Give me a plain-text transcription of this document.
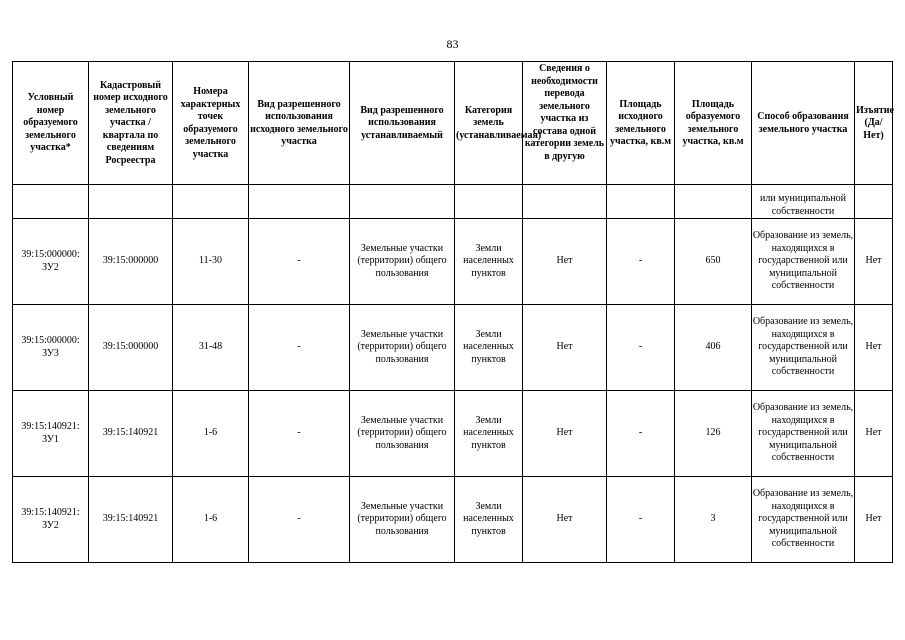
83
Условный номер образуемого земельного участка*	Кадастровый номер исходного земельного участка / квартала по сведениям Росреестра	Номера характерных точек образуемого земельного участка	Вид разрешенного использования исходного земельного участка	Вид разрешенного использования устанавливаемый	Категория земель (устанавливаемая)	Сведения о необходимости перевода земельного участка из состава одной категории земель в другую	Площадь исходного земельного участка, кв.м	Площадь образуемого земельного участка, кв.м	Способ образования земельного участка	Изъятие (Да/Нет)
									или муниципальной собственности	
39:15:000000: ЗУ2	39:15:000000	11-30	-	Земельные участки (территории) общего пользования	Земли населенных пунктов	Нет	-	650	Образование из земель, находящихся в государственной или муниципальной собственности	Нет
39:15:000000: ЗУ3	39:15:000000	31-48	-	Земельные участки (территории) общего пользования	Земли населенных пунктов	Нет	-	406	Образование из земель, находящихся в государственной или муниципальной собственности	Нет
39:15:140921: ЗУ1	39:15:140921	1-6	-	Земельные участки (территории) общего пользования	Земли населенных пунктов	Нет	-	126	Образование из земель, находящихся в государственной или муниципальной собственности	Нет
39:15:140921: ЗУ2	39:15:140921	1-6	-	Земельные участки (территории) общего пользования	Земли населенных пунктов	Нет	-	3	Образование из земель, находящихся в государственной или муниципальной собственности	Нет
